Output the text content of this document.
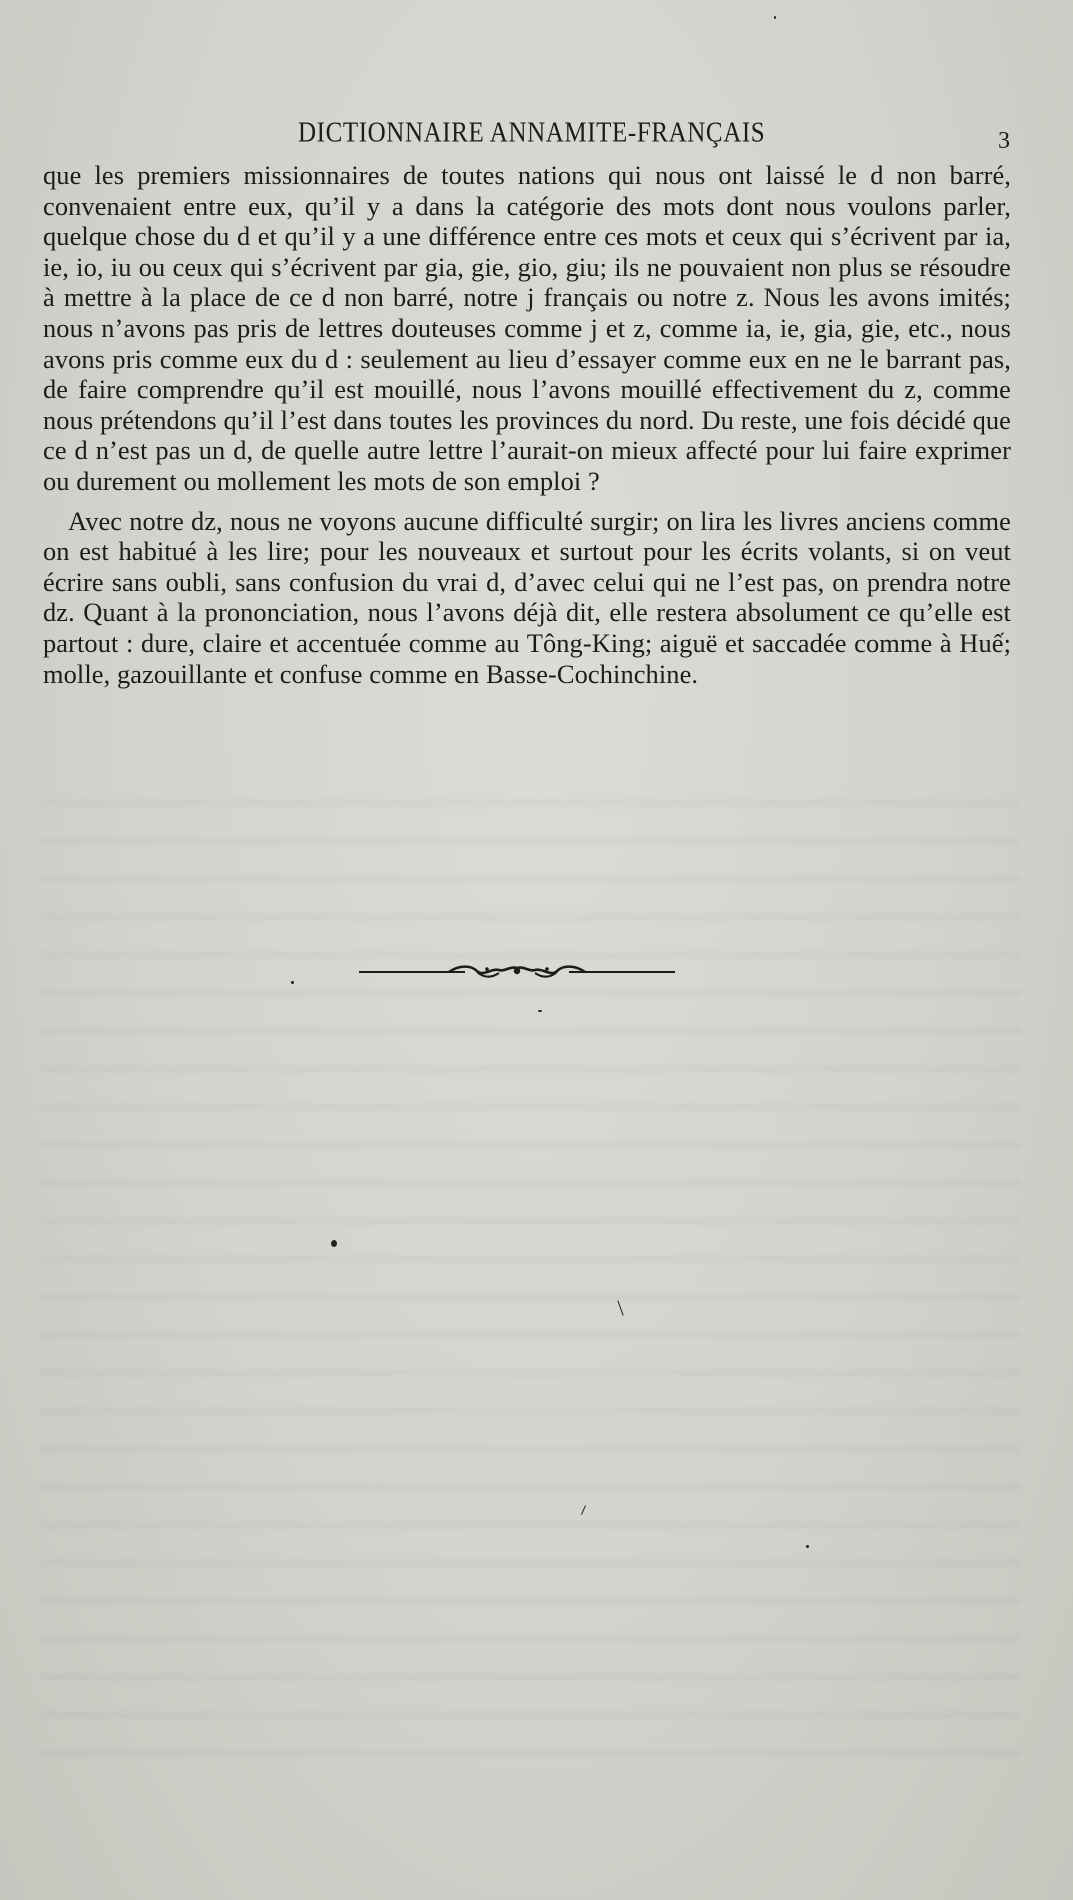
DICTIONNAIRE ANNAMITE-FRANÇAIS	3

que les premiers missionnaires de toutes nations qui nous ont laissé le d non barré, convenaient entre eux, qu’il y a dans la catégorie des mots dont nous voulons parler, quelque chose du d et qu’il y a une différence entre ces mots et ceux qui s’écrivent par ia, ie, io, iu ou ceux qui s’écrivent par gia, gie, gio, giu; ils ne pouvaient non plus se résoudre à mettre à la place de ce d non barré, notre j français ou notre z. Nous les avons imités; nous n’avons pas pris de lettres douteuses comme j et z, comme ia, ie, gia, gie, etc., nous avons pris comme eux du d : seulement au lieu d’essayer comme eux en ne le barrant pas, de faire comprendre qu’il est mouillé, nous l’avons mouillé effectivement du z, comme nous prétendons qu’il l’est dans toutes les provinces du nord. Du reste, une fois décidé que ce d n’est pas un d, de quelle autre lettre l’aurait-on mieux affecté pour lui faire exprimer ou durement ou mollement les mots de son emploi ?

Avec notre dz, nous ne voyons aucune difficulté surgir; on lira les livres anciens comme on est habitué à les lire; pour les nouveaux et surtout pour les écrits volants, si on veut écrire sans oubli, sans confusion du vrai d, d’avec celui qui ne l’est pas, on prendra notre dz. Quant à la prononciation, nous l’avons déjà dit, elle restera absolument ce qu’elle est partout : dure, claire et accentuée comme au Tông-King; aiguë et saccadée comme à Huế; molle, gazouillante et confuse comme en Basse-Cochinchine.
